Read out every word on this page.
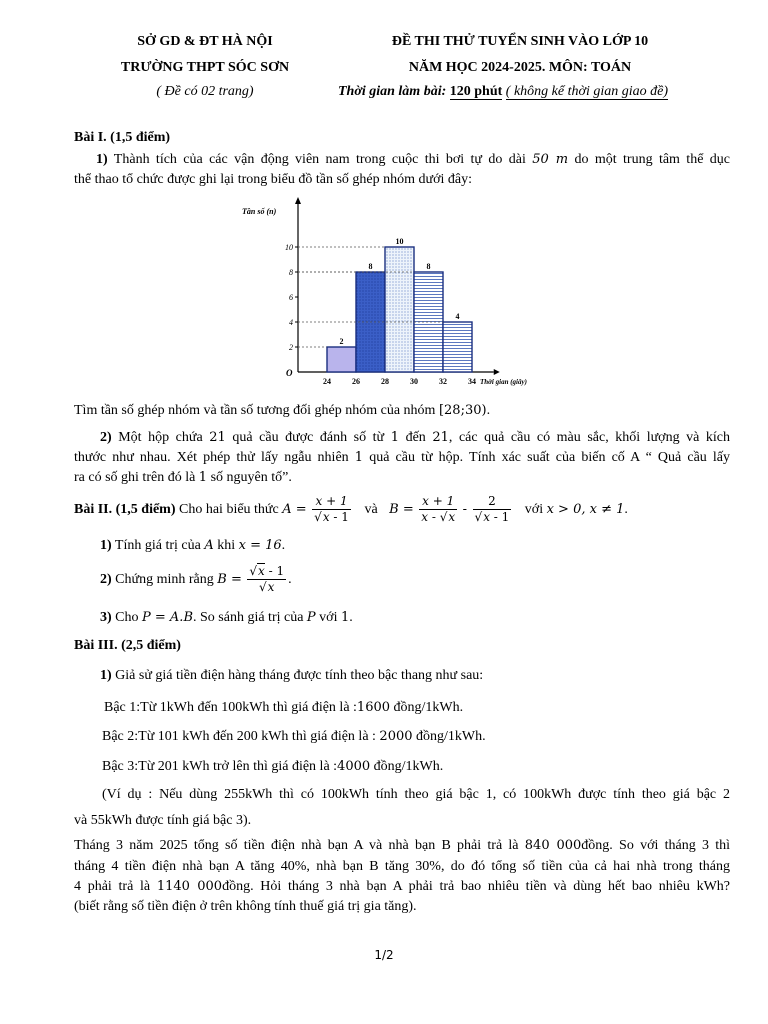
SỞ GD & ĐT HÀ NỘI
TRƯỜNG THPT SÓC SƠN
( Đề có 02 trang)
ĐỀ THI THỬ TUYỂN SINH VÀO LỚP 10
NĂM HỌC 2024-2025. MÔN: TOÁN
Thời gian làm bài: 120 phút ( không kể thời gian giao đề)
Bài I. (1,5 điểm)
1) Thành tích của các vận động viên nam trong cuộc thi bơi tự do dài 50 m do một trung tâm thể dục
thể thao tổ chức được ghi lại trong biểu đồ tần số ghép nhóm dưới đây:
Tần số (n)
O
2
4
6
8
10
2
8
10
8
4
24	26	28	30	32	34 Thời gian (giây)
Tìm tần số ghép nhóm và tần số tương đối ghép nhóm của nhóm [28;30).
2) Một hộp chứa 21 quả cầu được đánh số từ 1 đến 21, các quả cầu có màu sắc, khối lượng và kích
thước như nhau. Xét phép thử lấy ngẫu nhiên 1 quả cầu từ hộp. Tính xác suất của biến cố A “ Quả cầu lấy
ra có số ghi trên đó là 1 số nguyên tố”.
Bài II. (1,5 điểm) Cho hai biểu thức $A = \frac{x + 1}{√x - 1}$ và $B = \frac{x + 1}{x - √x} - \frac{2}{√x - 1}$ với x > 0, x ≠ 1.
1) Tính giá trị của A khi x = 16.
2) Chứng minh rằng $B = \frac{√x - 1}{√x}$ .
3) Cho P = A.B. So sánh giá trị của P với 1.
Bài III. (2,5 điểm)
1) Giả sử giá tiền điện hàng tháng được tính theo bậc thang như sau:
Bậc 1:Từ 1kWh đến 100kWh thì giá điện là :1600 đồng/1kWh.
Bậc 2:Từ 101 kWh đến 200 kWh thì giá điện là : 2000 đồng/1kWh.
Bậc 3:Từ 201 kWh trở lên thì giá điện là :4000 đồng/1kWh.
(Ví dụ : Nếu dùng 255kWh thì có 100kWh tính theo giá bậc 1, có 100kWh được tính theo giá bậc 2
và 55kWh được tính giá bậc 3).
Tháng 3 năm 2025 tổng số tiền điện nhà bạn A và nhà bạn B phải trả là 840 000đồng. So với tháng 3 thì
tháng 4 tiền điện nhà bạn A tăng 40%, nhà bạn B tăng 30%, do đó tổng số tiền của cả hai nhà trong tháng
4 phải trả là 1140 000đồng. Hỏi tháng 3 nhà bạn A phải trả bao nhiêu tiền và dùng hết bao nhiêu kWh?
(biết rằng số tiền điện ở trên không tính thuế giá trị gia tăng).
1/2
